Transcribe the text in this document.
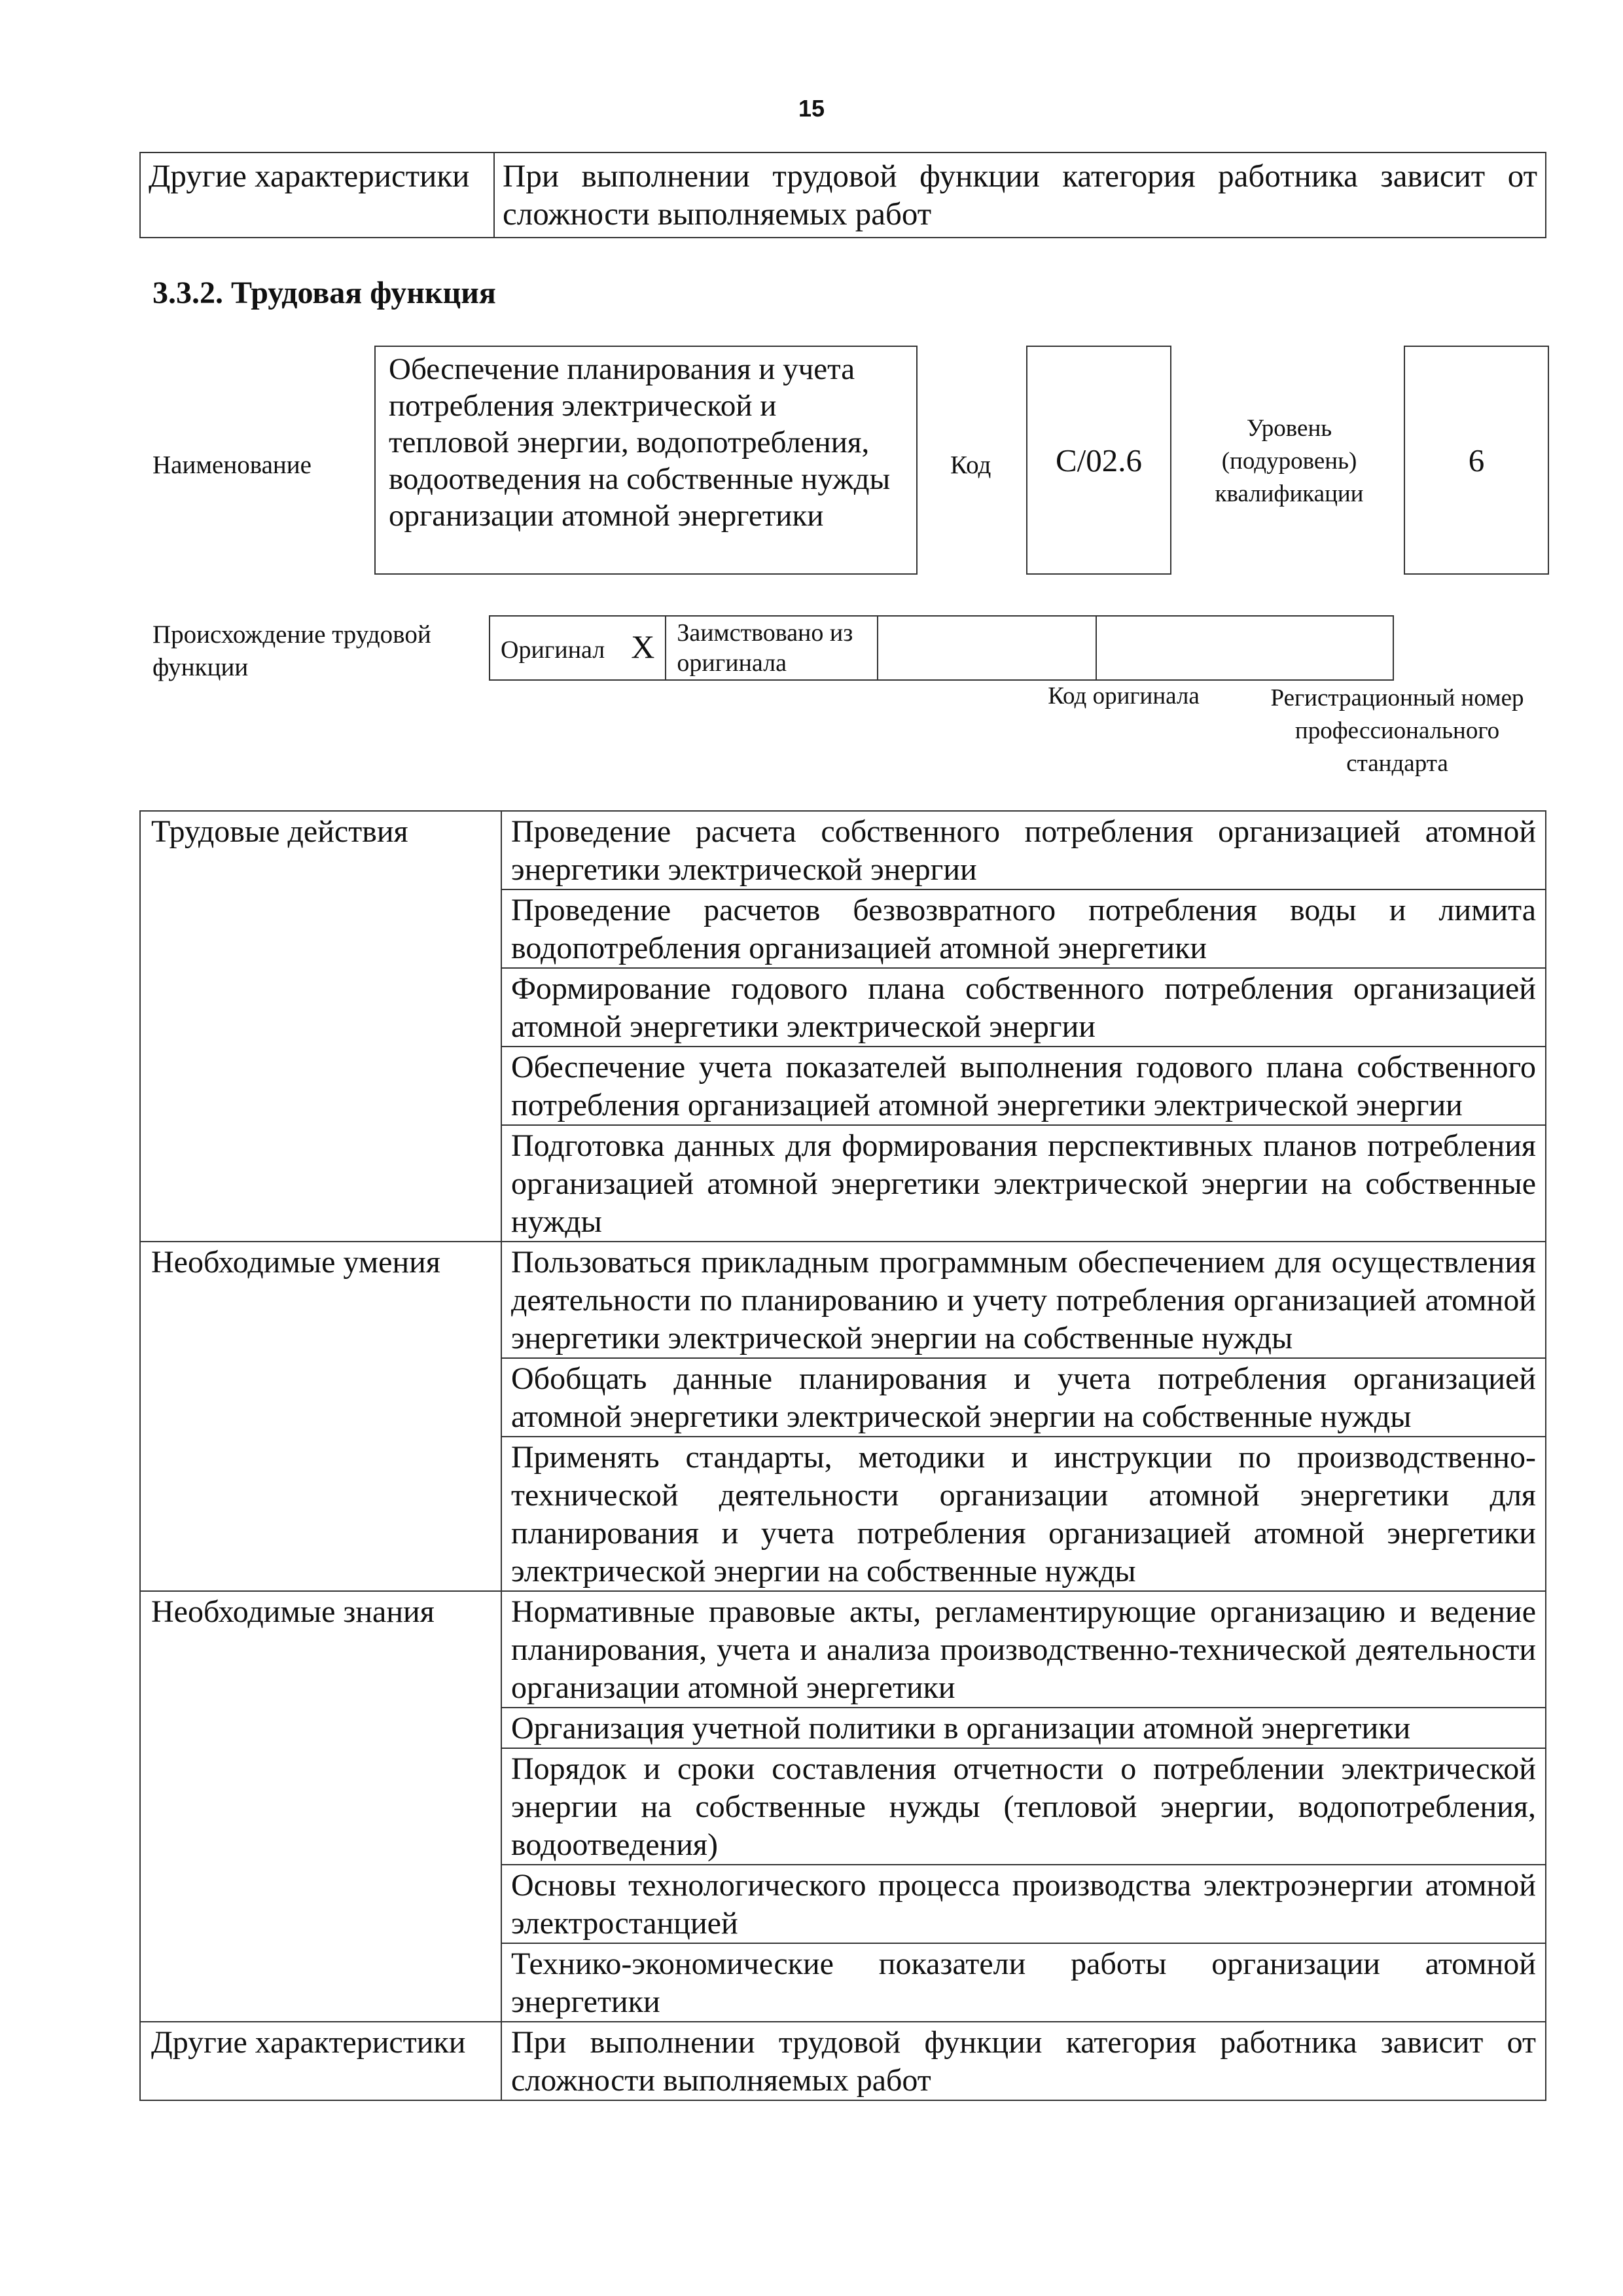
15
Другие характеристики	При выполнении трудовой функции категория работника зависит от сложности выполняемых работ
3.3.2. Трудовая функция
Наименование
Обеспечение планирования и учета потребления электрической и тепловой энергии, водопотребления, водоотведения на собственные нужды организации атомной энергетики
Код	С/02.6
Уровень (подуровень) квалификации
6
Происхождение трудовой функции
Оригинал X	Заимствовано из оригинала		
Код оригинала	Регистрационный номер профессионального стандарта
Трудовые действия	Проведение расчета собственного потребления организацией атомной энергетики электрической энергии
	Проведение расчетов безвозвратного потребления воды и лимита водопотребления организацией атомной энергетики
	Формирование годового плана собственного потребления организацией атомной энергетики электрической энергии
	Обеспечение учета показателей выполнения годового плана собственного потребления организацией атомной энергетики электрической энергии
	Подготовка данных для формирования перспективных планов потребления организацией атомной энергетики электрической энергии на собственные нужды
Необходимые умения	Пользоваться прикладным программным обеспечением для осуществления деятельности по планированию и учету потребления организацией атомной энергетики электрической энергии на собственные нужды
	Обобщать данные планирования и учета потребления организацией атомной энергетики электрической энергии на собственные нужды
	Применять стандарты, методики и инструкции по производственно-технической деятельности организации атомной энергетики для планирования и учета потребления организацией атомной энергетики электрической энергии на собственные нужды
Необходимые знания	Нормативные правовые акты, регламентирующие организацию и ведение планирования, учета и анализа производственно-технической деятельности организации атомной энергетики
	Организация учетной политики в организации атомной энергетики
	Порядок и сроки составления отчетности о потреблении электрической энергии на собственные нужды (тепловой энергии, водопотребления, водоотведения)
	Основы технологического процесса производства электроэнергии атомной электростанцией
	Технико-экономические показатели работы организации атомной энергетики
Другие характеристики	При выполнении трудовой функции категория работника зависит от сложности выполняемых работ
